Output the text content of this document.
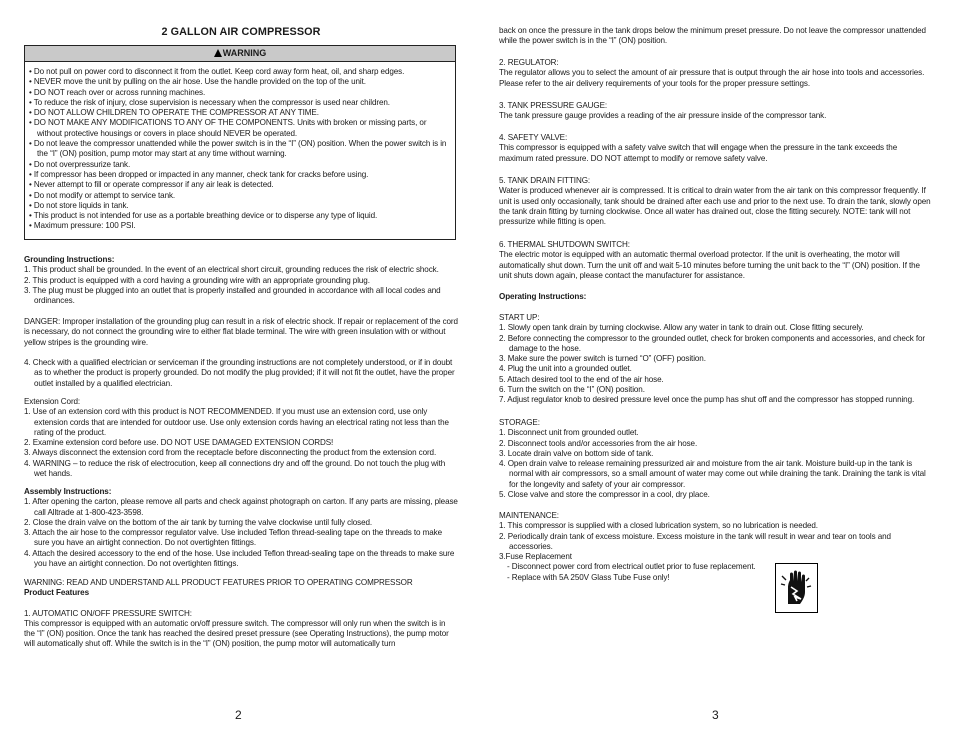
2 GALLON AIR COMPRESSOR
WARNING
• Do not pull on power cord to disconnect it from the outlet. Keep cord away form heat, oil, and sharp edges.
• NEVER move the unit by pulling on the air hose. Use the handle provided on the top of the unit.
• DO NOT reach over or across running machines.
• To reduce the risk of injury, close supervision is necessary when the compressor is used near children.
• DO NOT ALLOW CHILDREN TO OPERATE THE COMPRESSOR AT ANY TIME.
• DO NOT MAKE ANY MODIFICATIONS TO ANY OF THE COMPONENTS. Units with broken or missing parts, or without protective housings or covers in place should NEVER be operated.
• Do not leave the compressor unattended while the power switch is in the “I” (ON) position. When the power switch is in the “I” (ON) position, pump motor may start at any time without warning.
• Do not overpressurize tank.
• If compressor has been dropped or impacted in any manner, check tank for cracks before using.
• Never attempt to fill or operate compressor if any air leak is detected.
• Do not modify or attempt to service tank.
• Do not store liquids in tank.
• This product is not intended for use as a portable breathing device or to disperse any type of liquid.
• Maximum pressure: 100 PSI.

Grounding Instructions:

1. This product shall be grounded. In the event of an electrical short circuit, grounding reduces the risk of electric shock.

2. This product is equipped with a cord having a grounding wire with an appropriate grounding plug.

3. The plug must be plugged into an outlet that is properly installed and grounded in accordance with all local codes and ordinances.

DANGER: Improper installation of the grounding plug can result in a risk of electric shock. If repair or replacement of the cord is necessary, do not connect the grounding wire to either flat blade terminal. The wire with green insulation with or without yellow stripes is the grounding wire.

4. Check with a qualified electrician or serviceman if the grounding instructions are not completely understood, or if in doubt as to whether the product is properly grounded. Do not modify the plug provided; if it will not fit the outlet, have the proper outlet installed by a qualified electrician.

Extension Cord:

1. Use of an extension cord with this product is NOT RECOMMENDED. If you must use an extension cord, use only extension cords that are intended for outdoor use. Use only extension cords having an electrical rating not less than the rating of the product.

2. Examine extension cord before use. DO NOT USE DAMAGED EXTENSION CORDS!

3. Always disconnect the extension cord from the receptacle before disconnecting the product from the extension cord.

4. WARNING – to reduce the risk of electrocution, keep all connections dry and off the ground. Do not touch the plug with wet hands.

Assembly Instructions:

1. After opening the carton, please remove all parts and check against photograph on carton. If any parts are missing, please call Alltrade at 1-800-423-3598.

2. Close the drain valve on the bottom of the air tank by turning the valve clockwise until fully closed.

3. Attach the air hose to the compressor regulator valve. Use included Teflon thread-sealing tape on the threads to make sure you have an airtight connection. Do not overtighten fittings.

4. Attach the desired accessory to the end of the hose. Use included Teflon thread-sealing tape on the threads to make sure you have an airtight connection. Do not overtighten fittings.

WARNING: READ AND UNDERSTAND ALL PRODUCT FEATURES PRIOR TO OPERATING COMPRESSOR

Product Features

1. AUTOMATIC ON/OFF PRESSURE SWITCH:

This compressor is equipped with an automatic on/off pressure switch. The compressor will only run when the switch is in the “I” (ON) position. Once the tank has reached the desired preset pressure (see Operating Instructions), the pump motor will automatically shut off. While the switch is in the “I” (ON) position, the pump motor will automatically turn

2

back on once the pressure in the tank drops below the minimum preset pressure. Do not leave the compressor unattended while the power switch is in the “I” (ON) position.

2. REGULATOR:

The regulator allows you to select the amount of air pressure that is output through the air hose into tools and accessories. Please refer to the air delivery requirements of your tools for the proper pressure settings.

3. TANK PRESSURE GAUGE:

The tank pressure gauge provides a reading of the air pressure inside of the compressor tank.

4. SAFETY VALVE:

This compressor is equipped with a safety valve switch that will engage when the pressure in the tank exceeds the maximum rated pressure. DO NOT attempt to modify or remove safety valve.

5. TANK DRAIN FITTING:

Water is produced whenever air is compressed. It is critical to drain water from the air tank on this compressor frequently. If unit is used only occasionally, tank should be drained after each use and prior to the next use. To drain the tank, slowly open the tank drain fitting by turning clockwise. Once all water has drained out, close the fitting securely. NOTE: tank will not pressurize while fitting is open.

6. THERMAL SHUTDOWN SWITCH:

The electric motor is equipped with an automatic thermal overload protector. If the unit is overheating, the motor will automatically shut down. Turn the unit off and wait 5-10 minutes before turning the unit back to the “I” (ON) position. If the unit shuts down again, please contact the manufacturer for assistance.

Operating Instructions:

START UP:

1. Slowly open tank drain by turning clockwise. Allow any water in tank to drain out. Close fitting securely.

2. Before connecting the compressor to the grounded outlet, check for broken components and accessories, and check for damage to the hose.

3. Make sure the power switch is turned “O” (OFF) position.

4. Plug the unit into a grounded outlet.

5. Attach desired tool to the end of the air hose.

6. Turn the switch on the “I” (ON) position.

7. Adjust regulator knob to desired pressure level once the pump has shut off and the compressor has stopped running.

STORAGE:

1. Disconnect unit from grounded outlet.

2. Disconnect tools and/or accessories from the air hose.

3. Locate drain valve on bottom side of tank.

4. Open drain valve to release remaining pressurized air and moisture from the air tank. Moisture build-up in the tank is normal with air compressors, so a small amount of water may come out while draining the tank. Draining the tank is vital for the longevity and safety of your air compressor.

5. Close valve and store the compressor in a cool, dry place.

MAINTENANCE:

1. This compressor is supplied with a closed lubrication system, so no lubrication is needed.

2. Periodically drain tank of excess moisture. Excess moisture in the tank will result in wear and tear on tools and accessories.

3.Fuse Replacement

- Disconnect power cord from electrical outlet prior to fuse replacement.

- Replace with 5A 250V Glass Tube Fuse only!

3
